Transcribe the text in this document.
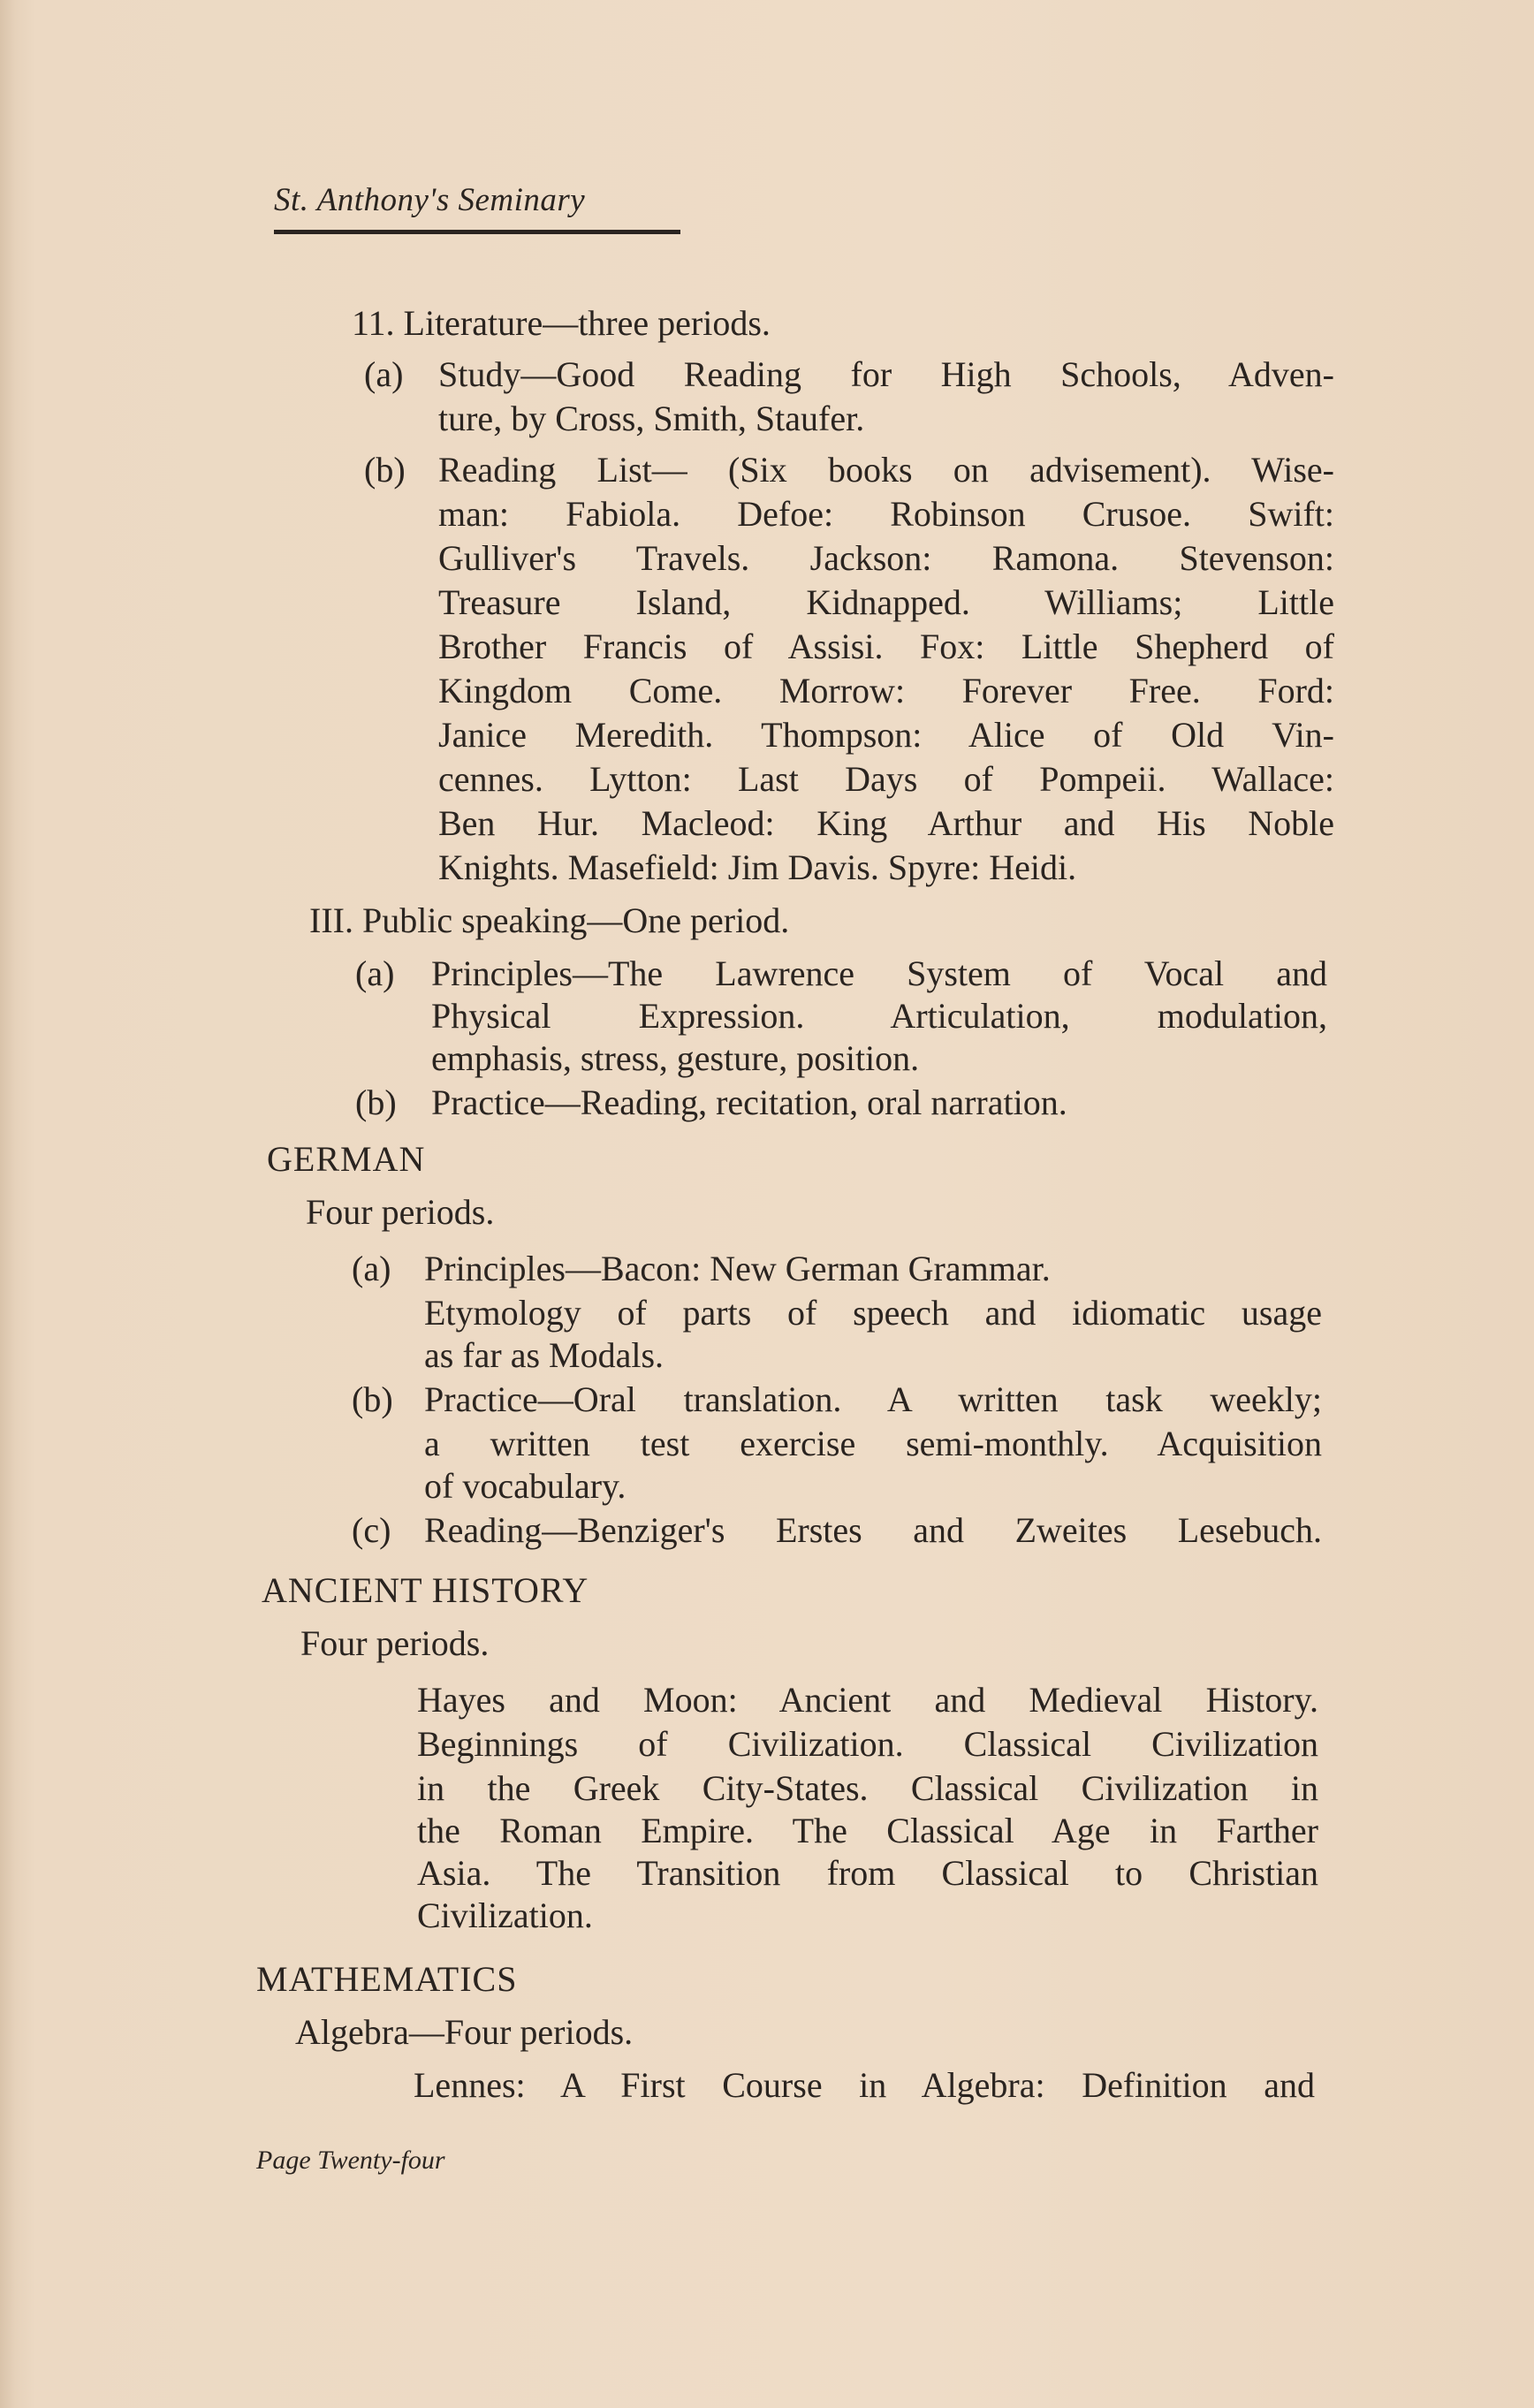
St. Anthony's Seminary
11. Literature—three periods.
(a) Study—Good Reading for High Schools, Adven-
ture, by Cross, Smith, Staufer.
(b) Reading List— (Six books on advisement). Wise-
man: Fabiola. Defoe: Robinson Crusoe. Swift:
Gulliver's Travels. Jackson: Ramona. Stevenson:
Treasure Island, Kidnapped. Williams; Little
Brother Francis of Assisi. Fox: Little Shepherd of
Kingdom Come. Morrow: Forever Free. Ford:
Janice Meredith. Thompson: Alice of Old Vin-
cennes. Lytton: Last Days of Pompeii. Wallace:
Ben Hur. Macleod: King Arthur and His Noble
Knights. Masefield: Jim Davis. Spyre: Heidi.
III. Public speaking—One period.
(a) Principles—The Lawrence System of Vocal and
Physical Expression. Articulation, modulation,
emphasis, stress, gesture, position.
(b) Practice—Reading, recitation, oral narration.
GERMAN
Four periods.
(a) Principles—Bacon: New German Grammar.
Etymology of parts of speech and idiomatic usage
as far as Modals.
(b) Practice—Oral translation. A written task weekly;
a written test exercise semi-monthly. Acquisition
of vocabulary.
(c) Reading—Benziger's Erstes and Zweites Lesebuch.
ANCIENT HISTORY
Four periods.
Hayes and Moon: Ancient and Medieval History.
Beginnings of Civilization. Classical Civilization
in the Greek City-States. Classical Civilization in
the Roman Empire. The Classical Age in Farther
Asia. The Transition from Classical to Christian
Civilization.
MATHEMATICS
Algebra—Four periods.
Lennes: A First Course in Algebra: Definition and
Page Twenty-four
